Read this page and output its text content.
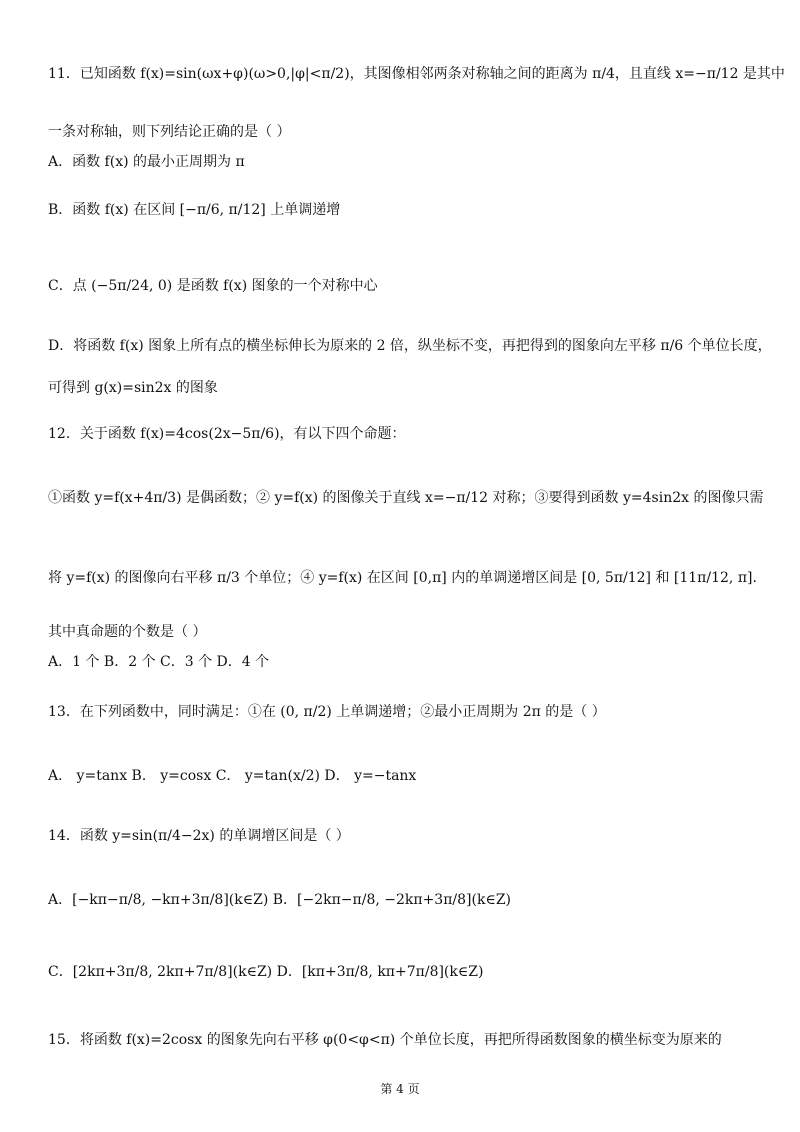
11．已知函数 f(x)=sin(ωx+φ)(ω>0,|φ|<π/2)，其图像相邻两条对称轴之间的距离为 π/4，且直线 x=−π/12 是其中
一条对称轴，则下列结论正确的是（ ）
A．函数 f(x) 的最小正周期为 π
B．函数 f(x) 在区间 [−π/6, π/12] 上单调递增
C．点 (−5π/24, 0) 是函数 f(x) 图象的一个对称中心
D．将函数 f(x) 图象上所有点的横坐标伸长为原来的 2 倍，纵坐标不变，再把得到的图象向左平移 π/6 个单位长度，
可得到 g(x)=sin2x 的图象
12．关于函数 f(x)=4cos(2x−5π/6)，有以下四个命题：
①函数 y=f(x+4π/3) 是偶函数；② y=f(x) 的图像关于直线 x=−π/12 对称；③要得到函数 y=4sin2x 的图像只需
将 y=f(x) 的图像向右平移 π/3 个单位；④ y=f(x) 在区间 [0,π] 内的单调递增区间是 [0, 5π/12] 和 [11π/12, π].
其中真命题的个数是（ ）
A．1 个 B．2 个 C．3 个 D．4 个
13．在下列函数中，同时满足：①在 (0, π/2) 上单调递增；②最小正周期为 2π 的是（ ）
A． y=tanx B． y=cosx C． y=tan(x/2) D． y=−tanx
14．函数 y=sin(π/4−2x) 的单调增区间是（ ）
A．[−kπ−π/8, −kπ+3π/8](k∈Z) B．[−2kπ−π/8, −2kπ+3π/8](k∈Z)
C．[2kπ+3π/8, 2kπ+7π/8](k∈Z) D．[kπ+3π/8, kπ+7π/8](k∈Z)
15．将函数 f(x)=2cosx 的图象先向右平移 φ(0<φ<π) 个单位长度，再把所得函数图象的横坐标变为原来的
第 4 页
